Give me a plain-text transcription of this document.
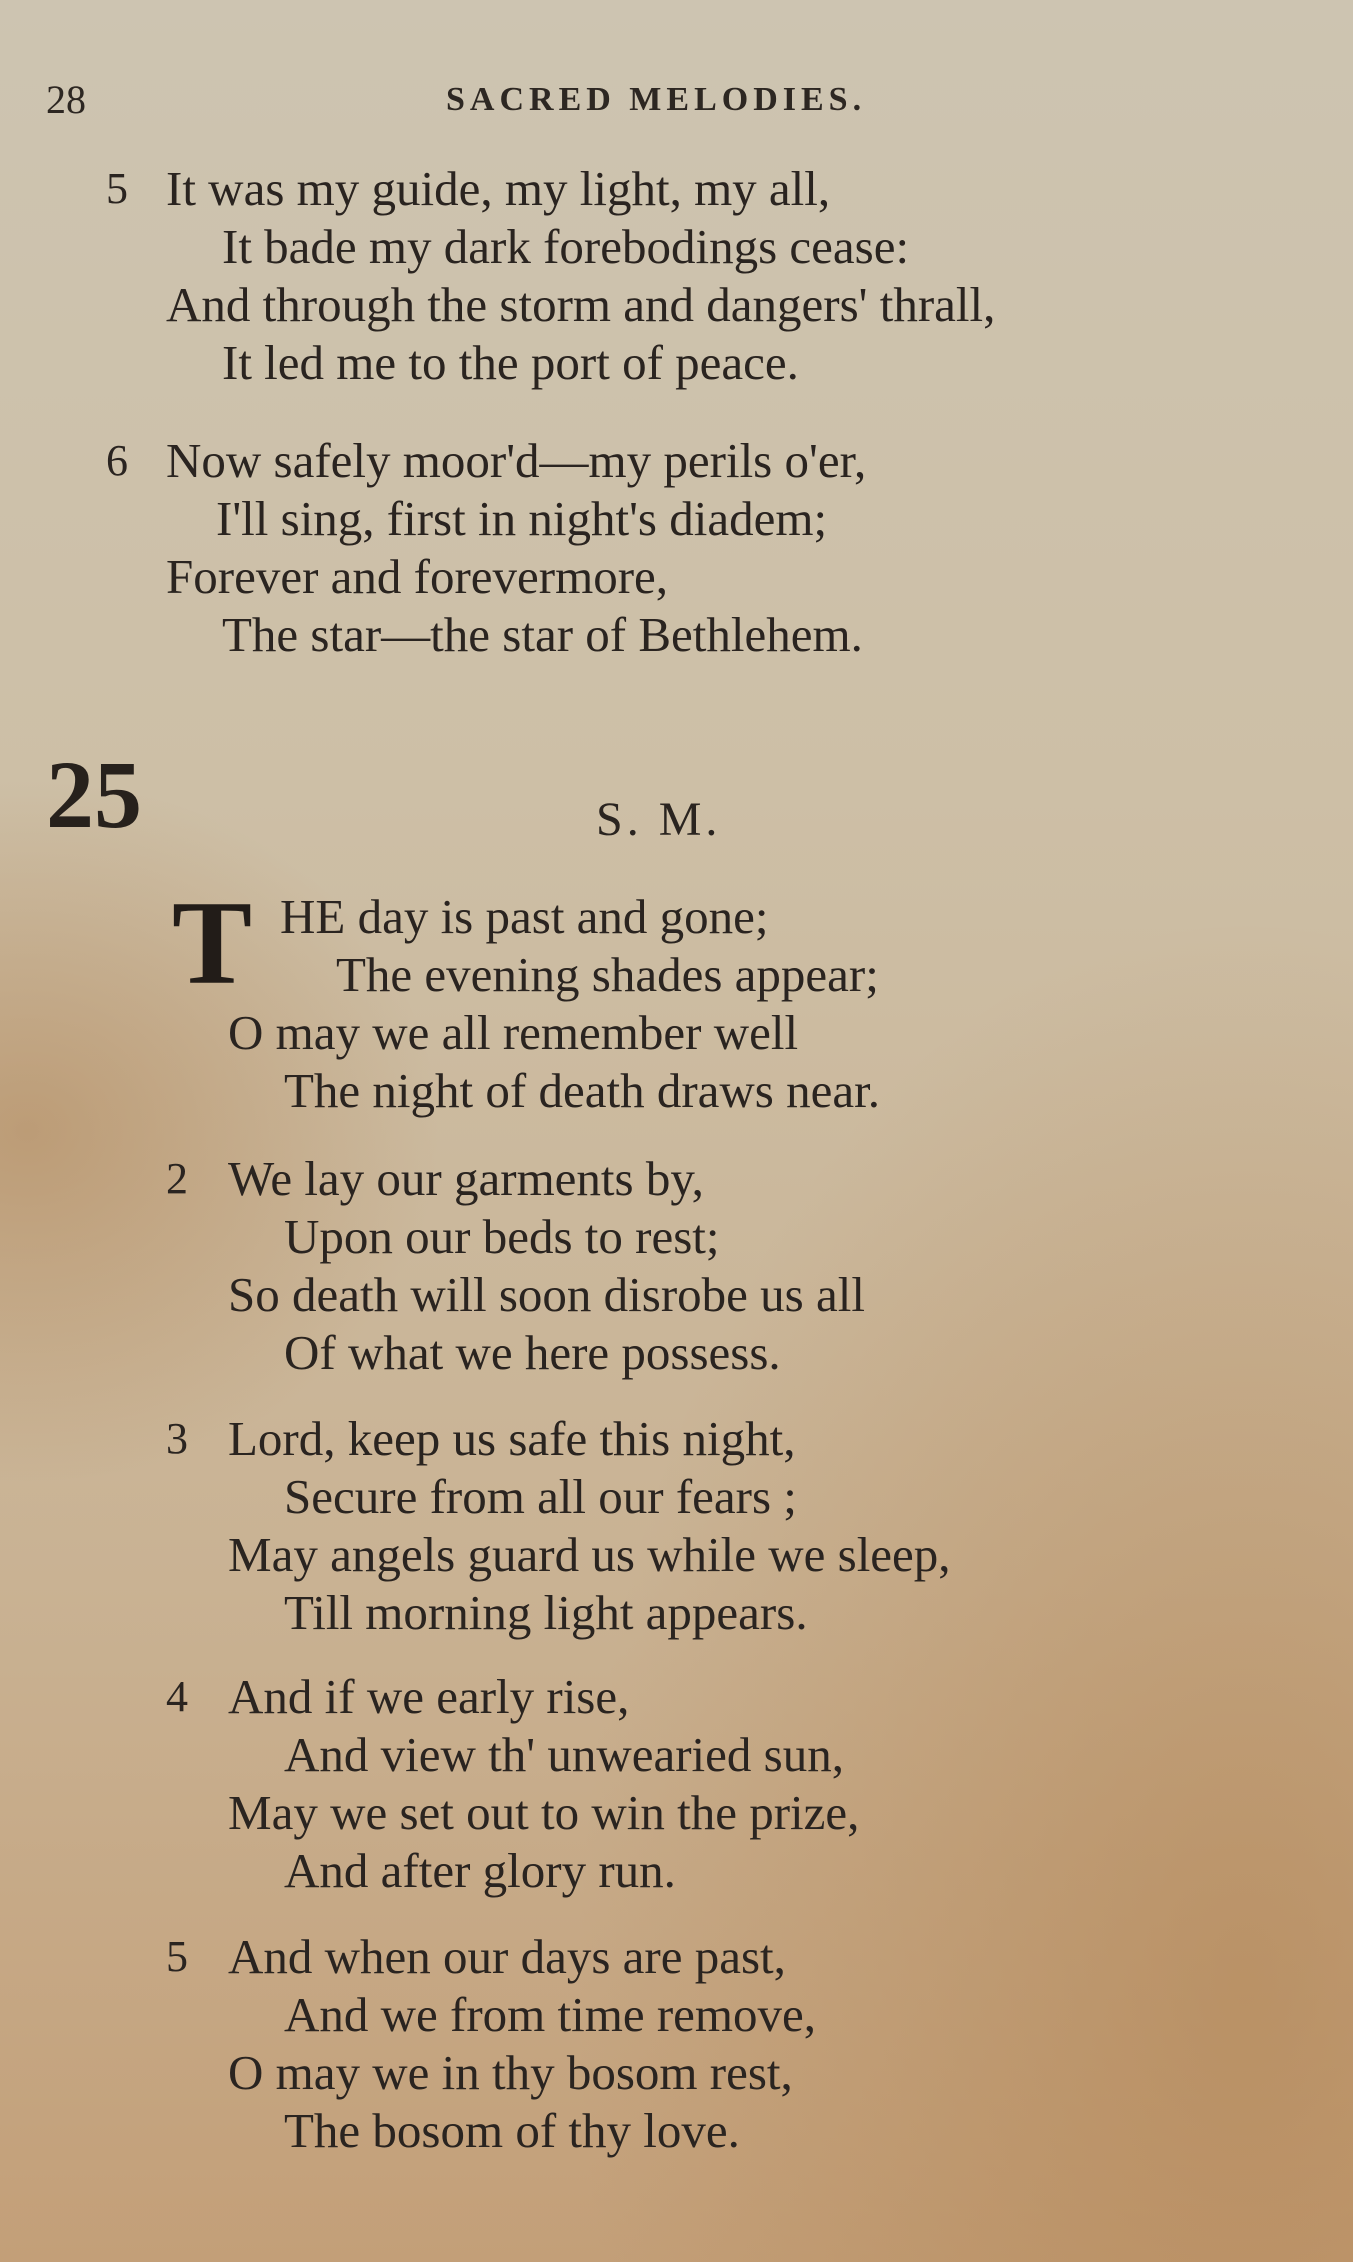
28	SACRED MELODIES.
5 It was my guide, my light, my all,
It bade my dark forebodings cease:
And through the storm and dangers' thrall,
It led me to the port of peace.
6 Now safely moor'd—my perils o'er,
I'll sing, first in night's diadem;
Forever and forevermore,
The star—the star of Bethlehem.
25	S. M.
T HE day is past and gone;
The evening shades appear;
O may we all remember well
The night of death draws near.
2 We lay our garments by,
Upon our beds to rest;
So death will soon disrobe us all
Of what we here possess.
3 Lord, keep us safe this night,
Secure from all our fears ;
May angels guard us while we sleep,
Till morning light appears.
4 And if we early rise,
And view th' unwearied sun,
May we set out to win the prize,
And after glory run.
5 And when our days are past,
And we from time remove,
O may we in thy bosom rest,
The bosom of thy love.
